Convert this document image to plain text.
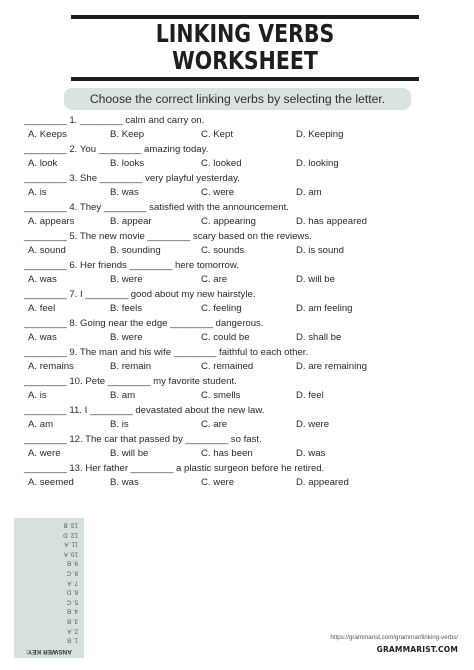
LINKING VERBS
WORKSHEET
Choose the correct linking verbs by selecting the letter.
________ 1. ________ calm and carry on.
A. Keeps	B. Keep	C. Kept	D. Keeping
________ 2. You ________ amazing today.
A. look	B. looks	C. looked	D. looking
________ 3. She ________ very playful yesterday.
A. is	B. was	C. were	D. am
________ 4. They ________ satisfied with the announcement.
A. appears	B. appear	C. appearing	D. has appeared
________ 5. The new movie ________ scary based on the reviews.
A. sound	B. sounding	C. sounds	D. is sound
________ 6. Her friends ________ here tomorrow.
A. was	B. were	C. are	D. will be
________ 7. I ________ good about my new hairstyle.
A. feel	B. feels	C. feeling	D. am feeling
________ 8. Going near the edge ________ dangerous.
A. was	B. were	C. could be	D. shall be
________ 9. The man and his wife ________ faithful to each other.
A. remains	B. remain	C. remained	D. are remaining
________ 10. Pete ________ my favorite student.
A. is	B. am	C. smells	D. feel
________ 11. I ________ devastated about the new law.
A. am	B. is	C. are	D. were
________ 12. The car that passed by ________ so fast.
A. were	B. will be	C. has been	D. was
________ 13. Her father ________ a plastic surgeon before he retired.
A. seemed	B. was	C. were	D. appeared
13. B
12. D
11. A
10. A
9. B
8. C
7. A
6. D
5. C
4. B
3. B
2. A
1. B
ANSWER KEY:
https://grammarist.com/grammar/linking-verbs/
GRAMMARIST.COM
